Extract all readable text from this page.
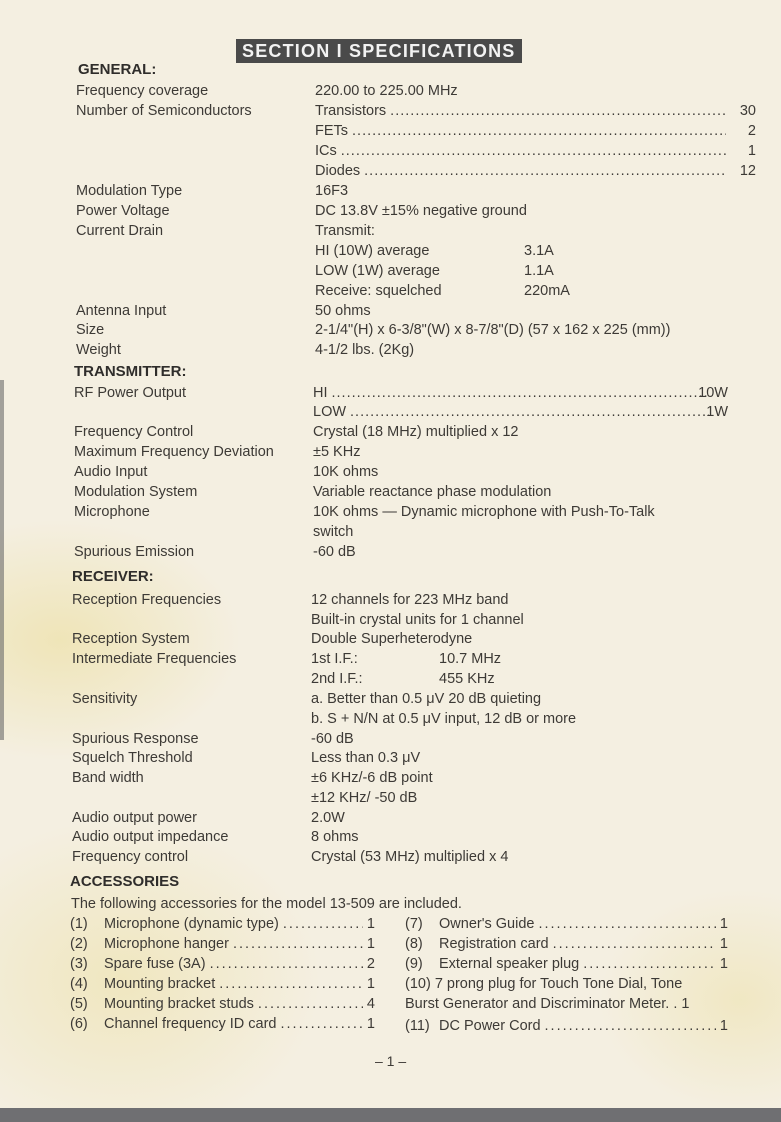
SECTION I SPECIFICATIONS
GENERAL:
Frequency coverage	220.00 to 225.00 MHz
Number of Semiconductors	Transistors .....	30
FETs .....	2
ICs .....	1
Diodes .....	12
Modulation Type	16F3
Power Voltage	DC 13.8V ±15% negative ground
Current Drain	Transmit:
HI (10W) average	3.1A
LOW (1W) average	1.1A
Receive: squelched	220mA
Antenna Input	50 ohms
Size	2-1/4"(H) x 6-3/8"(W) x 8-7/8"(D) (57 x 162 x 225 (mm))
Weight	4-1/2 lbs. (2Kg)
TRANSMITTER:
RF Power Output	HI .....	10W
LOW .....	1W
Frequency Control	Crystal (18 MHz) multiplied x 12
Maximum Frequency Deviation	±5 KHz
Audio Input	10K ohms
Modulation System	Variable reactance phase modulation
Microphone	10K ohms — Dynamic microphone with Push-To-Talk
switch
Spurious Emission	-60 dB
RECEIVER:
Reception Frequencies	12 channels for 223 MHz band
Built-in crystal units for 1 channel
Reception System	Double Superheterodyne
Intermediate Frequencies	1st I.F.:	10.7 MHz
2nd I.F.:	455 KHz
Sensitivity	a. Better than 0.5 μV 20 dB quieting
b. S + N/N at 0.5 μV input, 12 dB or more
Spurious Response	-60 dB
Squelch Threshold	Less than 0.3 μV
Band width	±6 KHz/-6 dB point
±12 KHz/ -50 dB
Audio output power	2.0W
Audio output impedance	8 ohms
Frequency control	Crystal (53 MHz) multiplied x 4
ACCESSORIES
The following accessories for the model 13-509 are included.
(1)	Microphone (dynamic type) .....	1
(2)	Microphone hanger .....	1
(3)	Spare fuse (3A) .....	2
(4)	Mounting bracket .....	1
(5)	Mounting bracket studs .....	4
(6)	Channel frequency ID card .....	1
(7)	Owner's Guide .....	1
(8)	Registration card .....	1
(9)	External speaker plug .....	1
(10) 7 prong plug for Touch Tone Dial, Tone
Burst Generator and Discriminator Meter. . 1
(11) DC Power Cord .....	1
– 1 –
